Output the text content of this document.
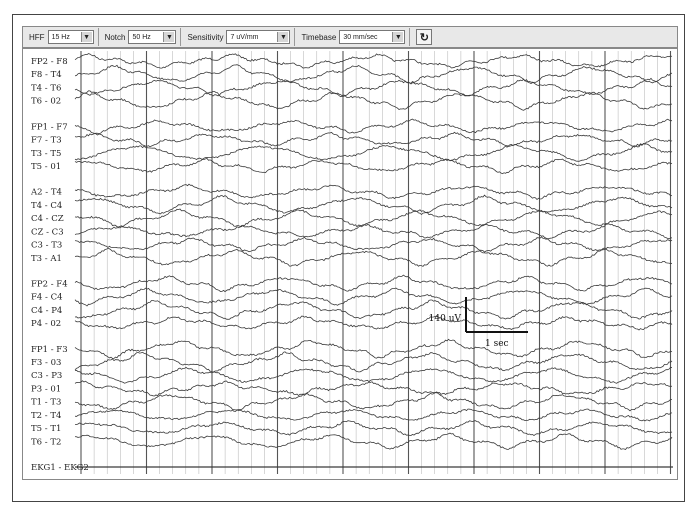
HFF 15 Hz	▼ Notch 50 Hz	▼ Sensitivity 7 uV/mm	▼ Timebase 30 mm/sec	▼ ↻
FP2 - F8
F8 - T4
T4 - T6
T6 - 02
FP1 - F7
F7 - T3
T3 - T5
T5 - 01
A2 - T4
T4 - C4
C4 - CZ
CZ - C3
C3 - T3
T3 - A1
FP2 - F4
F4 - C4
C4 - P4
P4 - 02
FP1 - F3
F3 - 03
C3 - P3
P3 - 01
T1 - T3
T2 - T4
T5 - T1
T6 - T2
EKG1 - EKG2
140 uV
1 sec
